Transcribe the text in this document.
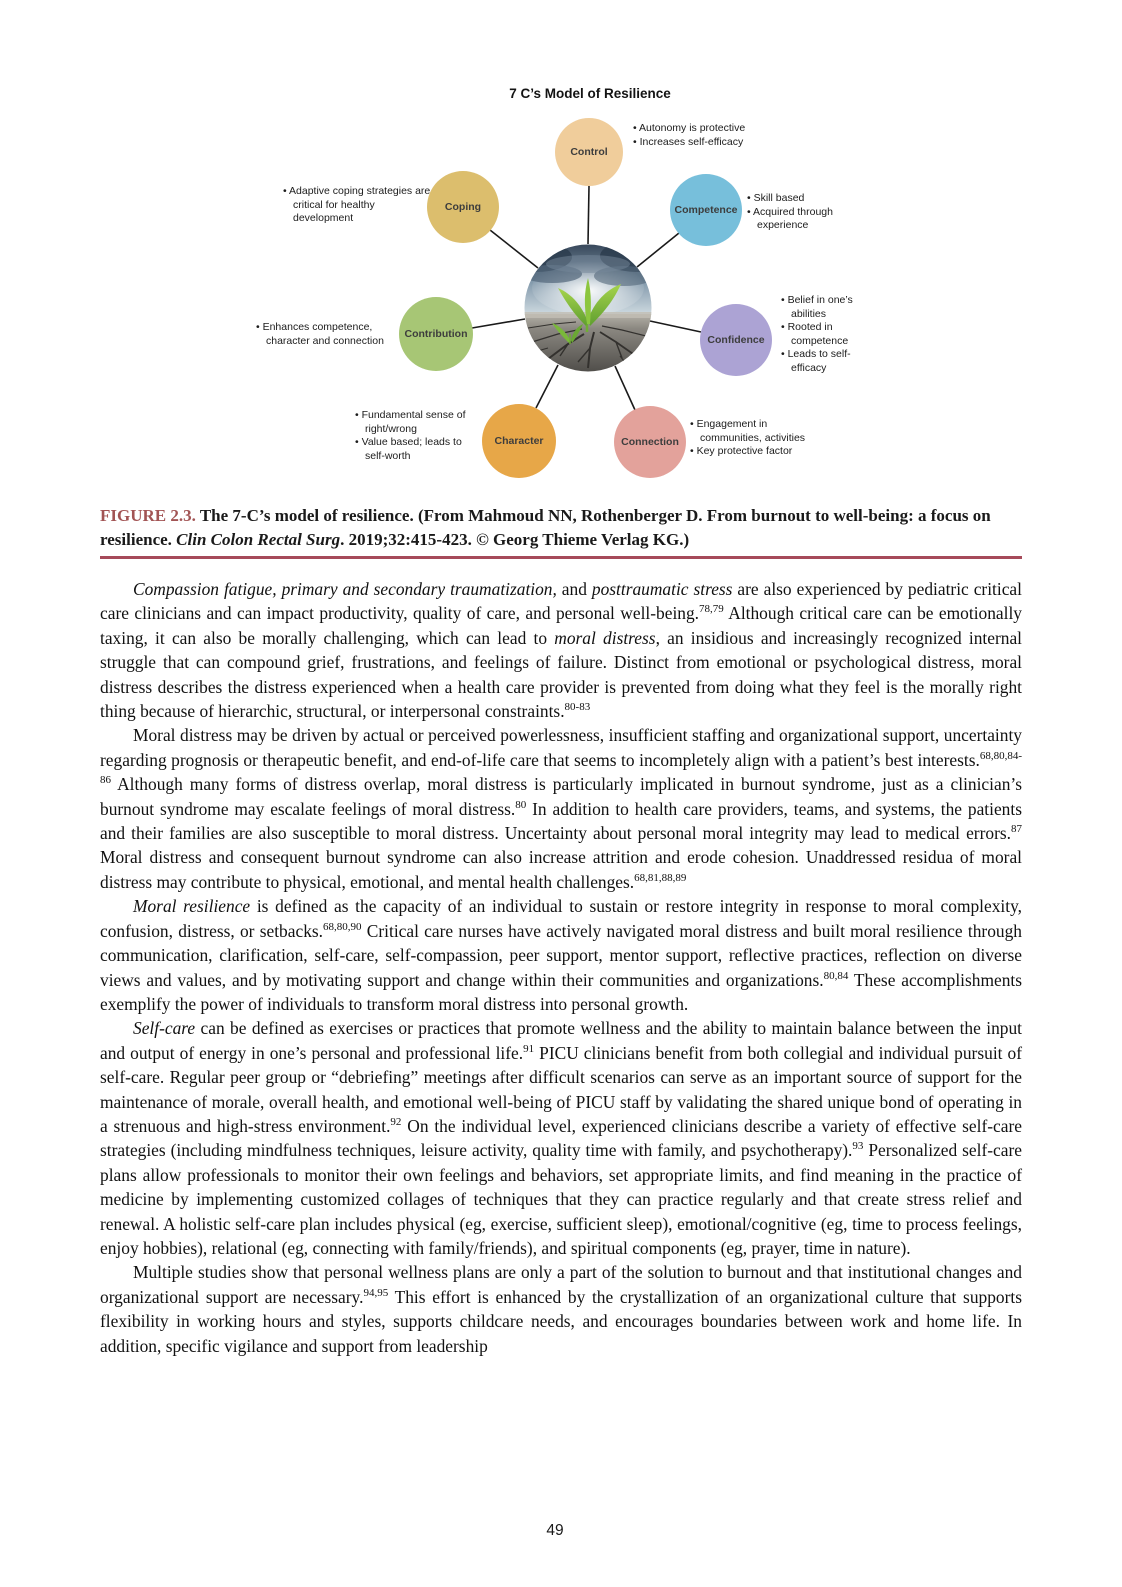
7 C’s Model of Resilience
Control
Coping	Competence
Contribution	Confidence
Character	Connection
• Autonomy is protective
• Increases self-efficacy
• Adaptive coping strategies are critical for healthy development
• Skill based
• Acquired through experience
• Enhances competence, character and connection
• Belief in one’s abilities
• Rooted in competence
• Leads to self-efficacy
• Fundamental sense of right/wrong
• Value based; leads to self-worth
• Engagement in communities, activities
• Key protective factor
FIGURE 2.3. The 7-C’s model of resilience. (From Mahmoud NN, Rothenberger D. From burnout to well-being: a focus on resilience. Clin Colon Rectal Surg. 2019;32:415-423. © Georg Thieme Verlag KG.)

Compassion fatigue, primary and secondary traumatization, and posttraumatic stress are also experienced by pediatric critical care clinicians and can impact productivity, quality of care, and personal well-being.$^{78,79}$ Although critical care can be emotionally taxing, it can also be morally challenging, which can lead to moral distress, an insidious and increasingly recognized internal struggle that can compound grief, frustrations, and feelings of failure. Distinct from emotional or psychological distress, moral distress describes the distress experienced when a health care provider is prevented from doing what they feel is the morally right thing because of hierarchic, structural, or interpersonal constraints.$^{80-83}$

Moral distress may be driven by actual or perceived powerlessness, insufficient staffing and organizational support, uncertainty regarding prognosis or therapeutic benefit, and end-of-life care that seems to incompletely align with a patient’s best interests.$^{68,80,84-86}$ Although many forms of distress overlap, moral distress is particularly implicated in burnout syndrome, just as a clinician’s burnout syndrome may escalate feelings of moral distress.$^{80}$ In addition to health care providers, teams, and systems, the patients and their families are also susceptible to moral distress. Uncertainty about personal moral integrity may lead to medical errors.$^{87}$ Moral distress and consequent burnout syndrome can also increase attrition and erode cohesion. Unaddressed residua of moral distress may contribute to physical, emotional, and mental health challenges.$^{68,81,88,89}$

Moral resilience is defined as the capacity of an individual to sustain or restore integrity in response to moral complexity, confusion, distress, or setbacks.$^{68,80,90}$ Critical care nurses have actively navigated moral distress and built moral resilience through communication, clarification, self-care, self-compassion, peer support, mentor support, reflective practices, reflection on diverse views and values, and by motivating support and change within their communities and organizations.$^{80,84}$ These accomplishments exemplify the power of individuals to transform moral distress into personal growth.

Self-care can be defined as exercises or practices that promote wellness and the ability to maintain balance between the input and output of energy in one’s personal and professional life.$^{91}$ PICU clinicians benefit from both collegial and individual pursuit of self-care. Regular peer group or “debriefing” meetings after difficult scenarios can serve as an important source of support for the maintenance of morale, overall health, and emotional well-being of PICU staff by validating the shared unique bond of operating in a strenuous and high-stress environment.$^{92}$ On the individual level, experienced clinicians describe a variety of effective self-care strategies (including mindfulness techniques, leisure activity, quality time with family, and psychotherapy).$^{93}$ Personalized self-care plans allow professionals to monitor their own feelings and behaviors, set appropriate limits, and find meaning in the practice of medicine by implementing customized collages of techniques that they can practice regularly and that create stress relief and renewal. A holistic self-care plan includes physical (eg, exercise, sufficient sleep), emotional/cognitive (eg, time to process feelings, enjoy hobbies), relational (eg, connecting with family/friends), and spiritual components (eg, prayer, time in nature).

Multiple studies show that personal wellness plans are only a part of the solution to burnout and that institutional changes and organizational support are necessary.$^{94,95}$ This effort is enhanced by the crystallization of an organizational culture that supports flexibility in working hours and styles, supports childcare needs, and encourages boundaries between work and home life. In addition, specific vigilance and support from leadership

49
